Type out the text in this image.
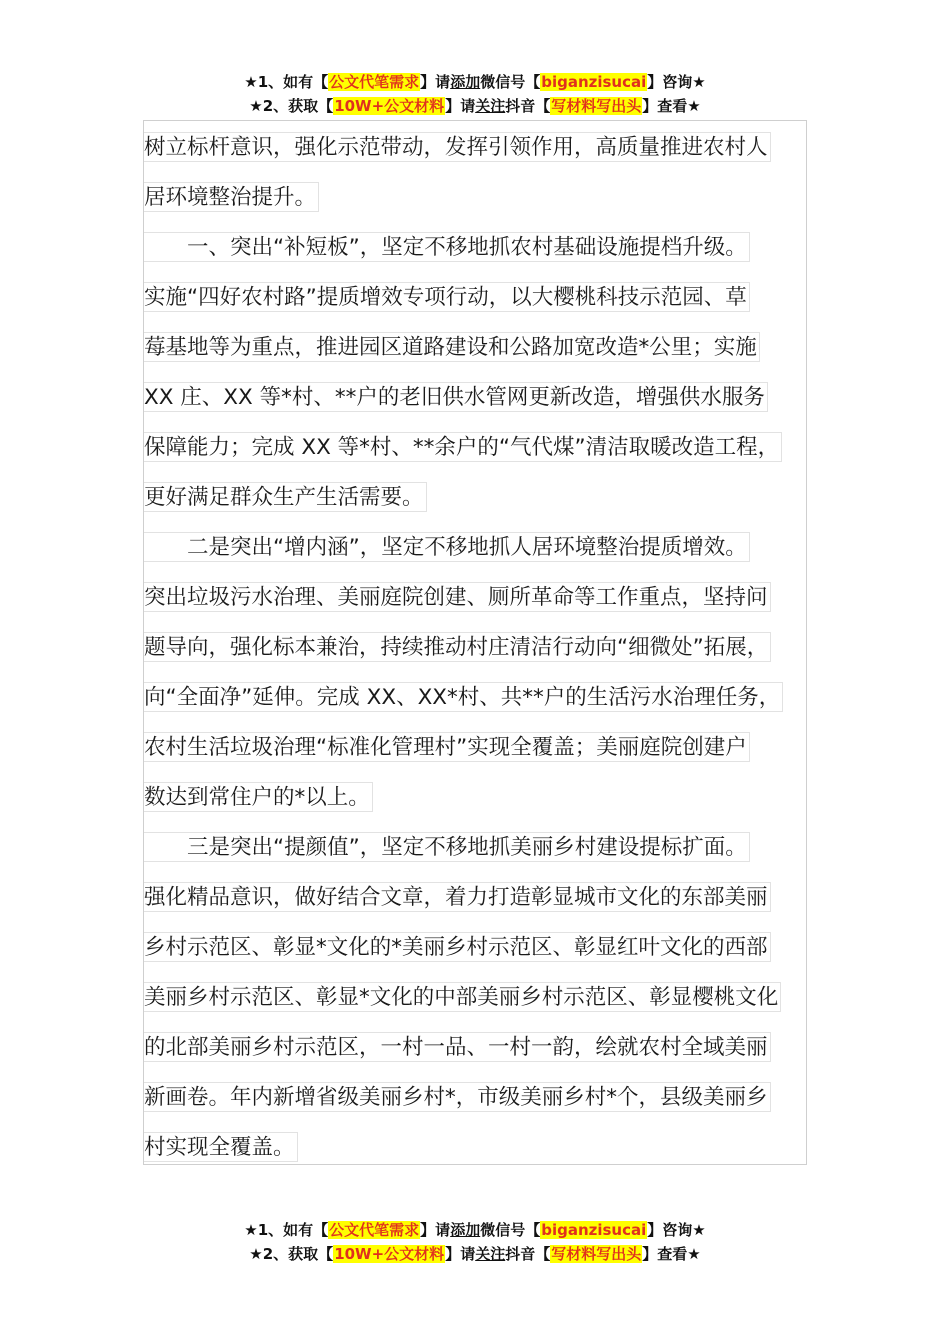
★1、如有【公文代笔需求】请添加微信号【biganzisucai】咨询★
★2、获取【10W+公文材料】请关注抖音【写材料写出头】查看★
树立标杆意识，强化示范带动，发挥引领作用，高质量推进农村人
居环境整治提升。
　　一、突出“补短板”，坚定不移地抓农村基础设施提档升级。
实施“四好农村路”提质增效专项行动，以大樱桃科技示范园、草
莓基地等为重点，推进园区道路建设和公路加宽改造*公里；实施
XX 庄、XX 等*村、**户的老旧供水管网更新改造，增强供水服务
保障能力；完成 XX 等*村、**余户的“气代煤”清洁取暖改造工程，
更好满足群众生产生活需要。
　　二是突出“增内涵”，坚定不移地抓人居环境整治提质增效。
突出垃圾污水治理、美丽庭院创建、厕所革命等工作重点，坚持问
题导向，强化标本兼治，持续推动村庄清洁行动向“细微处”拓展，
向“全面净”延伸。完成 XX、XX*村、共**户的生活污水治理任务，
农村生活垃圾治理“标准化管理村”实现全覆盖；美丽庭院创建户
数达到常住户的*以上。
　　三是突出“提颜值”，坚定不移地抓美丽乡村建设提标扩面。
强化精品意识，做好结合文章，着力打造彰显城市文化的东部美丽
乡村示范区、彰显*文化的*美丽乡村示范区、彰显红叶文化的西部
美丽乡村示范区、彰显*文化的中部美丽乡村示范区、彰显樱桃文化
的北部美丽乡村示范区，一村一品、一村一韵，绘就农村全域美丽
新画卷。年内新增省级美丽乡村*，市级美丽乡村*个，县级美丽乡
村实现全覆盖。
★1、如有【公文代笔需求】请添加微信号【biganzisucai】咨询★
★2、获取【10W+公文材料】请关注抖音【写材料写出头】查看★
